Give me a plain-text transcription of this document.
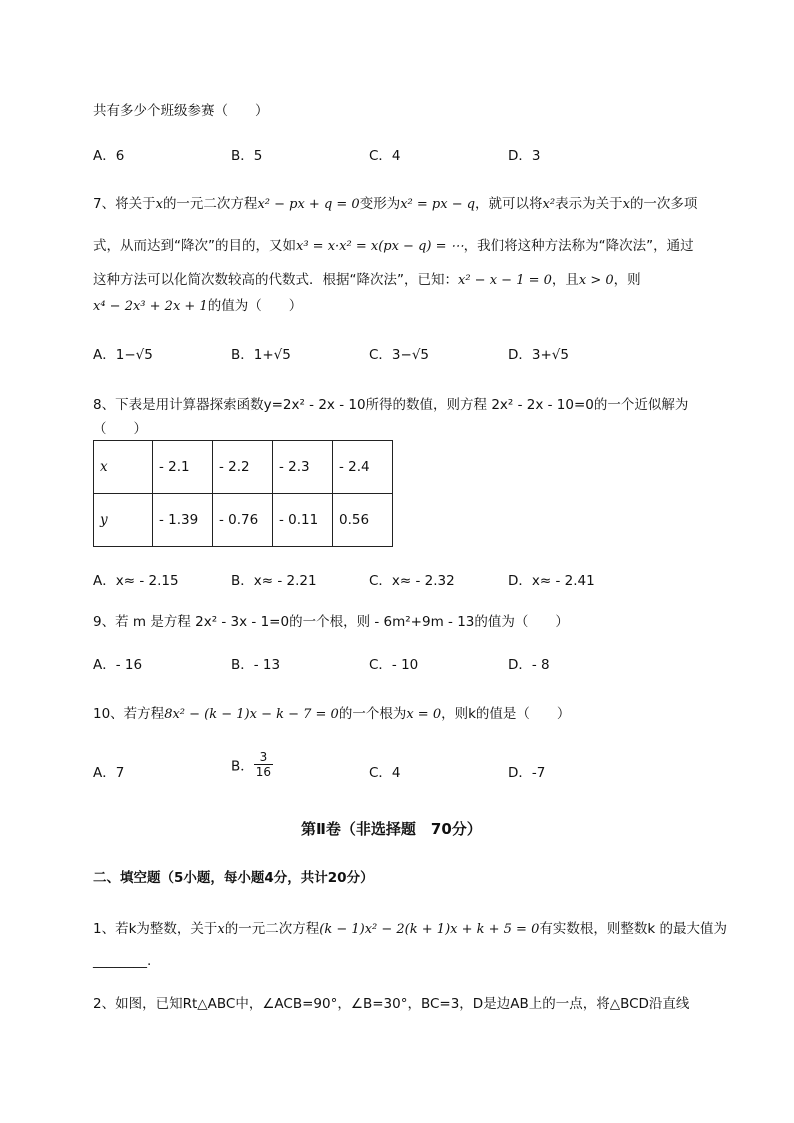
共有多少个班级参赛（　　）
A．6	B．5	C．4	D．3
7、将关于x的一元二次方程x² − px + q = 0变形为x² = px − q，就可以将x²表示为关于x的一次多项
式，从而达到“降次”的目的，又如x³ = x·x² = x(px − q) = ⋯，我们将这种方法称为“降次法”，通过
这种方法可以化简次数较高的代数式．根据“降次法”，已知：x² − x − 1 = 0，且x > 0，则
x⁴ − 2x³ + 2x + 1的值为（　　）
A．1−√5	B．1+√5	C．3−√5	D．3+√5
8、下表是用计算器探索函数y=2x² - 2x - 10所得的数值，则方程 2x² - 2x - 10=0的一个近似解为
（　　）
x	- 2.1	- 2.2	- 2.3	- 2.4
y	- 1.39	- 0.76	- 0.11	0.56
A．x≈ - 2.15	B．x≈ - 2.21	C．x≈ - 2.32	D．x≈ - 2.41
9、若 m 是方程 2x² - 3x - 1=0的一个根，则 - 6m²+9m - 13的值为（　　）
A．- 16	B．- 13	C．- 10	D．- 8
10、若方程8x² − (k − 1)x − k − 7 = 0的一个根为x = 0，则k的值是（　　）
A．7	B． $\frac{3}{16}$	C．4	D．-7
第Ⅱ卷（非选择题　70分）
二、填空题（5小题，每小题4分，共计20分）
1、若k为整数，关于x的一元二次方程(k − 1)x² − 2(k + 1)x + k + 5 = 0有实数根，则整数k 的最大值为
________.
2、如图，已知Rt△ABC中，∠ACB=90°，∠B=30°，BC=3，D是边AB上的一点，将△BCD沿直线
